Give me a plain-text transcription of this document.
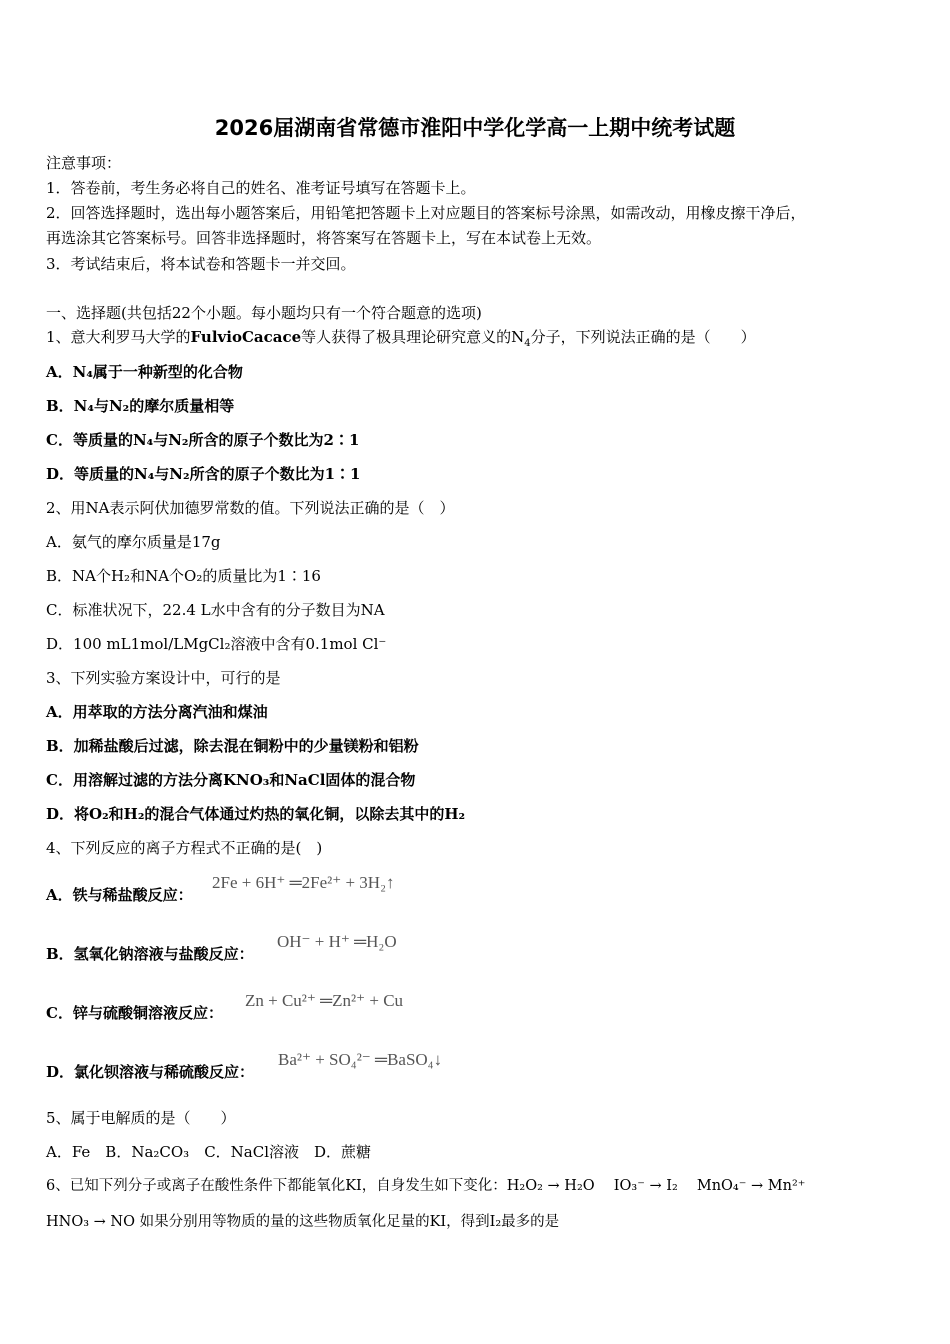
2026届湖南省常德市淮阳中学化学高一上期中统考试题
注意事项：
1．答卷前，考生务必将自己的姓名、准考证号填写在答题卡上。
2．回答选择题时，选出每小题答案后，用铅笔把答题卡上对应题目的答案标号涂黑，如需改动，用橡皮擦干净后，
再选涂其它答案标号。回答非选择题时，将答案写在答题卡上，写在本试卷上无效。
3．考试结束后，将本试卷和答题卡一并交回。
一、选择题(共包括22个小题。每小题均只有一个符合题意的选项)
1、意大利罗马大学的FulvioCacace等人获得了极具理论研究意义的$N_4$分子，下列说法正确的是（　　）
A．N₄属于一种新型的化合物
B．N₄与N₂的摩尔质量相等
C．等质量的N₄与N₂所含的原子个数比为2∶1
D．等质量的N₄与N₂所含的原子个数比为1∶1
2、用NA表示阿伏加德罗常数的值。下列说法正确的是（　）
A．氨气的摩尔质量是17g
B．NA个H₂和NA个O₂的质量比为1∶16
C．标准状况下，22.4 L水中含有的分子数目为NA
D．100 mL1mol/LMgCl₂溶液中含有0.1mol Cl⁻
3、下列实验方案设计中，可行的是
A．用萃取的方法分离汽油和煤油
B．加稀盐酸后过滤，除去混在铜粉中的少量镁粉和铝粉
C．用溶解过滤的方法分离KNO₃和NaCl固体的混合物
D．将O₂和H₂的混合气体通过灼热的氧化铜，以除去其中的H₂
4、下列反应的离子方程式不正确的是(　)
A．铁与稀盐酸反应：
2Fe + 6H⁺ ═2Fe²⁺ + 3H₂↑
B．氢氧化钠溶液与盐酸反应：
OH⁻ + H⁺ ═H₂O
C．锌与硫酸铜溶液反应：
Zn + Cu²⁺ ═Zn²⁺ + Cu
D．氯化钡溶液与稀硫酸反应：
Ba²⁺ + SO₄²⁻ ═BaSO₄↓
5、属于电解质的是（　　）
A．Fe　B．Na₂CO₃　C．NaCl溶液　D．蔗糖
6、已知下列分子或离子在酸性条件下都能氧化KI，自身发生如下变化：H₂O₂ → H₂O　 IO₃⁻ → I₂　 MnO₄⁻ → Mn²⁺
HNO₃ → NO 如果分别用等物质的量的这些物质氧化足量的KI，得到I₂最多的是
